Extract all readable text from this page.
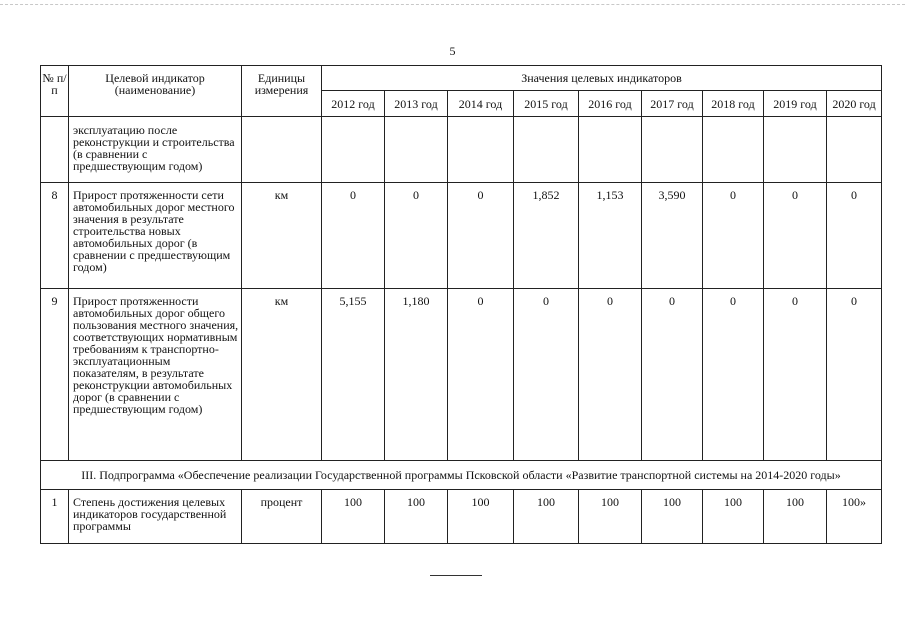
5
№ п/п	Целевой индикатор (наименование)	Единицы измерения	Значения целевых индикаторов								
			2012 год	2013 год	2014 год	2015 год	2016 год	2017 год	2018 год	2019 год	2020 год
	эксплуатацию после реконструкции и строительства (в сравнении с предшествующим годом)										
8	Прирост протяженности сети автомобильных дорог местного значения в результате строительства новых автомобильных дорог (в сравнении с предшествующим годом)	км	0	0	0	1,852	1,153	3,590	0	0	0
9	Прирост протяженности автомобильных дорог общего пользования местного значения, соответствующих нормативным требованиям к транспортно-эксплуатационным показателям, в результате реконструкции автомобильных дорог (в сравнении с предшествующим годом)	км	5,155	1,180	0	0	0	0	0	0	0
III. Подпрограмма «Обеспечение реализации Государственной программы Псковской области «Развитие транспортной системы на 2014-2020 годы»											
1	Степень достижения целевых индикаторов государственной программы	процент	100	100	100	100	100	100	100	100	100»
